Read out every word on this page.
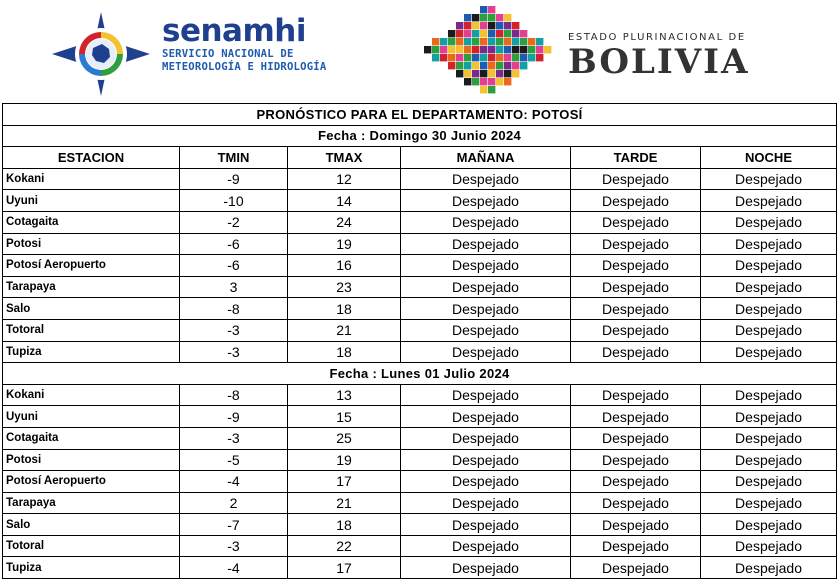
senamhi
SERVICIO NACIONAL DE
METEOROLOGÍA E HIDROLOGÍA
ESTADO PLURINACIONAL DE
BOLIVIA
PRONÓSTICO PARA EL DEPARTAMENTO: POTOSÍ					
Fecha : Domingo 30 Junio 2024					
ESTACION	TMIN	TMAX	MAÑANA	TARDE	NOCHE
Kokani	-9	12	Despejado	Despejado	Despejado
Uyuni	-10	14	Despejado	Despejado	Despejado
Cotagaita	-2	24	Despejado	Despejado	Despejado
Potosi	-6	19	Despejado	Despejado	Despejado
Potosí Aeropuerto	-6	16	Despejado	Despejado	Despejado
Tarapaya	3	23	Despejado	Despejado	Despejado
Salo	-8	18	Despejado	Despejado	Despejado
Totoral	-3	21	Despejado	Despejado	Despejado
Tupiza	-3	18	Despejado	Despejado	Despejado
Fecha : Lunes 01 Julio 2024					
Kokani	-8	13	Despejado	Despejado	Despejado
Uyuni	-9	15	Despejado	Despejado	Despejado
Cotagaita	-3	25	Despejado	Despejado	Despejado
Potosi	-5	19	Despejado	Despejado	Despejado
Potosí Aeropuerto	-4	17	Despejado	Despejado	Despejado
Tarapaya	2	21	Despejado	Despejado	Despejado
Salo	-7	18	Despejado	Despejado	Despejado
Totoral	-3	22	Despejado	Despejado	Despejado
Tupiza	-4	17	Despejado	Despejado	Despejado
